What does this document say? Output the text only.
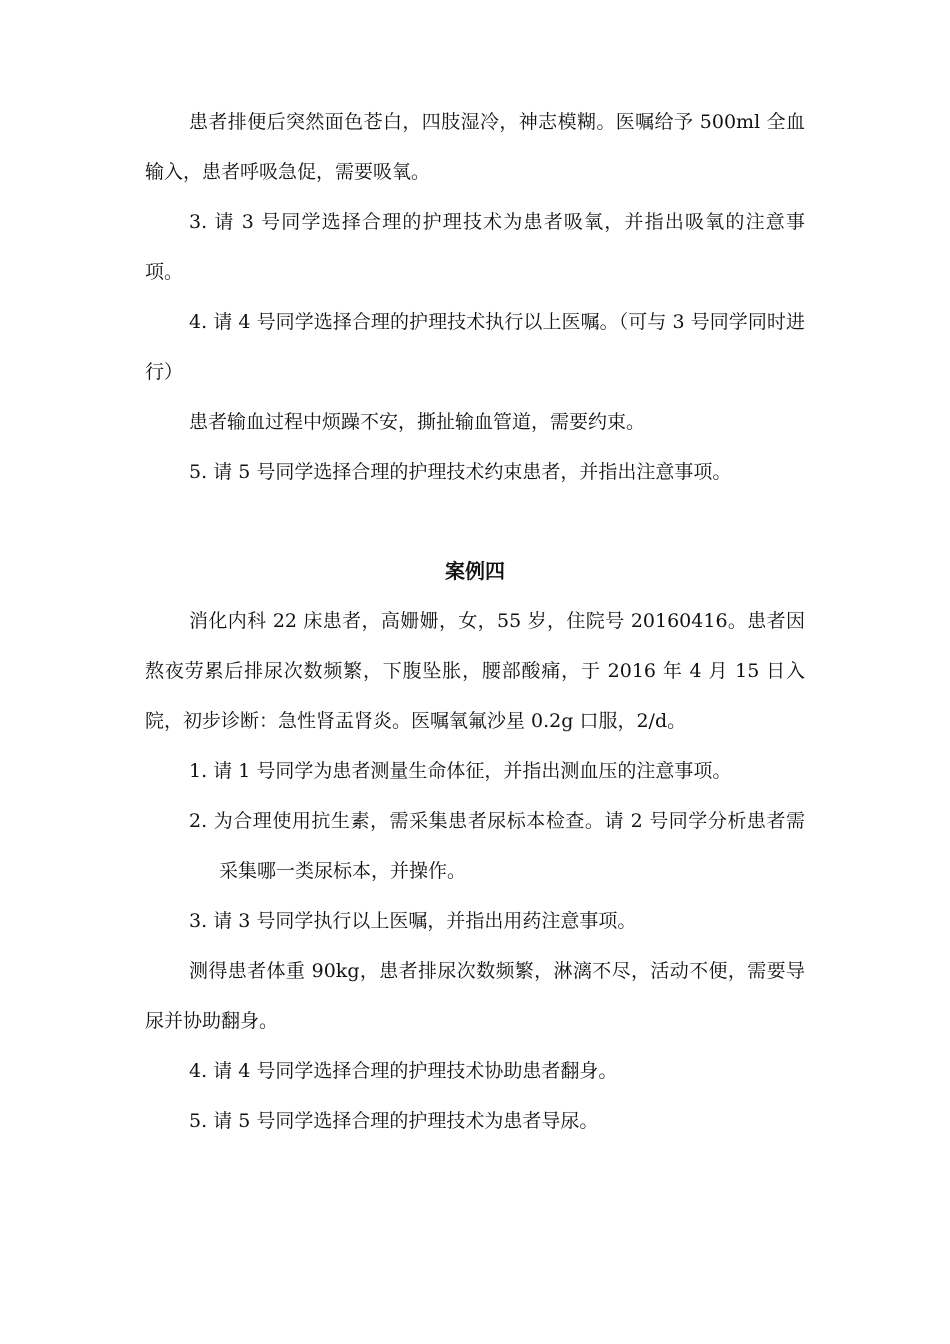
患者排便后突然面色苍白，四肢湿冷，神志模糊。医嘱给予 500ml 全血输入，患者呼吸急促，需要吸氧。

3. 请 3 号同学选择合理的护理技术为患者吸氧，并指出吸氧的注意事项。

4. 请 4 号同学选择合理的护理技术执行以上医嘱。（可与 3 号同学同时进行）

患者输血过程中烦躁不安，撕扯输血管道，需要约束。

5. 请 5 号同学选择合理的护理技术约束患者，并指出注意事项。

案例四

消化内科 22 床患者，高姗姗，女，55 岁，住院号 20160416。患者因熬夜劳累后排尿次数频繁，下腹坠胀，腰部酸痛，于 2016 年 4 月 15 日入院，初步诊断：急性肾盂肾炎。医嘱氧氟沙星 0.2g 口服，2/d。

1. 请 1 号同学为患者测量生命体征，并指出测血压的注意事项。

2. 为合理使用抗生素，需采集患者尿标本检查。请 2 号同学分析患者需采集哪一类尿标本，并操作。

3. 请 3 号同学执行以上医嘱，并指出用药注意事项。

测得患者体重 90kg，患者排尿次数频繁，淋漓不尽，活动不便，需要导尿并协助翻身。

4. 请 4 号同学选择合理的护理技术协助患者翻身。

5. 请 5 号同学选择合理的护理技术为患者导尿。
